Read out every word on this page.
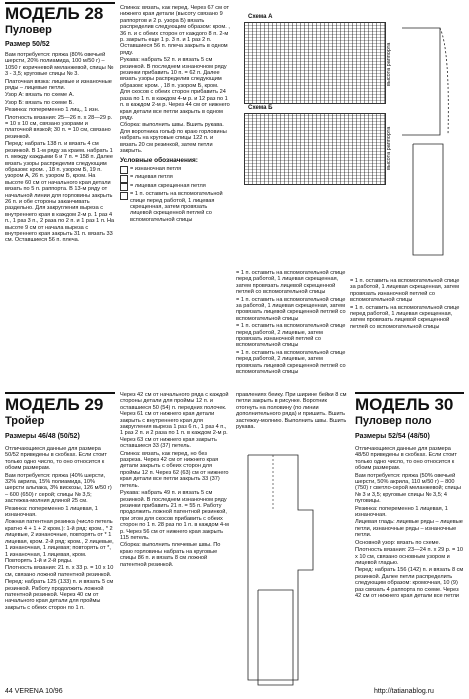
МОДЕЛЬ 28
Пуловер
Размер 50/52

Вам потребуется: пряжа (80% овечьей шерсти, 20% полиамида, 100 м/50 г) – 1050 г коричневой меланжевой, спицы № 3 - 3,5; круговые спицы № 3.

Платочная вязка: лицевые и изнаночные ряды – лицевые петли.

Узор А: вязать по схеме А.

Узор Б: вязать по схеме Б.

Резинка: попеременно 1 лиц., 1 изн.

Плотность вязания: 25—26 п. х 28—29 р. = 10 х 10 см, связано узорами и платочной вязкой; 30 п. = 10 см, связано резинкой.

Перед: набрать 138 п. и вязать 4 см резинкой. В 1-м ряду за краем. набрать 1 п. между каждыми 6 и 7 п. = 158 п. Далее вязать узоры распределив следующим образом: кром. , 18 п. узором Б, 19 п. узором А, 26 п. узором Б, кром. На высоте 60 см от начального края детали вязать по 5 п. раппорта. В 13-м ряду от начальной линии для горловины закрыть 26 п. и обе стороны заканчивать раздельно. Для закругления выреза с внутреннего края в каждом 2-м р. 1 раз 4 п., 1 раз 3 п., 2 раза по 2 п. и 1 раз 1 п. На высоте 9 см от начала выреза с внутреннего края закрыть 31 п. вязать 33 см. Оставшиеся 56 п. плеча.

Спинка: вязать, как перед. Через 67 см от нижнего края детали (высоту связано 9 раппортов и 2 р. узора Б) вязать распределив следующим образом: кром. , 36 п. и с обеих сторон от каждого 8 п. 2-м р. закрыть еще 1 р. 3 п. и 1 раз 2 п. Оставшиеся 56 п. плеча закрыть в одном ряду.

Рукава: набрать 52 п. и вязать 5 см резинкой. В последнем изнаночном ряду резинки прибавить 10 п. = 62 п. Далее вязать узоры распределив следующим образом: кром. , 18 п. узором Б, кром. Для скосов с обеих сторон прибавить 24 раза по 1 п. в каждом 4-м р. и 12 раз по 1 п. в каждом 2-м р. Через 44 см от нижнего края детали все петли закрыть в одном ряду.

Сборка: выполнить швы. Вшить рукава. Для воротника гольф по краю горловины набрать на круговые спицы 122 п. и вязать 20 см резинкой, затем петли закрыть.

Условные обозначения:

= изнаночная петля
= лицевая петля
= лицевая скрещенная петля
= 1 п. оставить на вспомогательной спице перед работой, 1 лицевая скрещенная, затем провязать лицевой скрещенной петлей со вспомогательной спицы
Схема А
высота раппорта
Схема Б
высота раппорта

= 1 п. оставить на вспомогательной спице перед работой, 1 лицевая скрещенная, затем провязать лицевой скрещенной петлей со вспомогательной спицы

= 1 п. оставить на вспомогательной спице за работой, 1 лицевая скрещенная, затем провязать лицевой скрещенной петлей со вспомогательной спицы

= 1 п. оставить на вспомогательной спице перед работой, 2 лицевые, затем провязать изнаночной петлей со вспомогательной спицы

= 1 п. оставить на вспомогательной спице перед работой, 2 лицевые, затем провязать лицевой скрещенной петлей со вспомогательной спицы

= 1 п. оставить на вспомогательной спице за работой, 1 лицевая скрещенная, затем провязать изнаночной петлей со вспомогательной спицы

= 1 п. оставить на вспомогательной спице перед работой, 1 лицевая скрещенная, затем провязать лицевой скрещенной петлей со вспомогательной спицы

МОДЕЛЬ 29
Тройер
Размеры 46/48 (50/52)

Отличающиеся данные для размера 50/52 приведены в скобках. Если стоит только одно число, то оно относится к обоим размерам.

Вам потребуется: пряжа (40% шерсти, 32% акрила, 15% полиамида, 10% шерсти альпака, 3% вискозы, 126 м/50 г) – 600 (650) г серой; спицы № 3,5; застежка-молния длиной 25 см.

Резинка: попеременно 1 лицевая, 1 изнаночная.

Ложная патентная резинка (число петель кратно 4 + 1 + 2 кром.): 1-й ряд: кром., * 2 лицевые, 2 изнаночные, повторять от * 1 лицевая, кром. 2-й ряд: кром., 2 лицевые, 1 изнаночная, 1 лицевая; повторять от *, 1 изнаночная, 1 лицевая, кром. Повторять 1-й и 2-й ряды.

Плотность вязания: 21 п. х 33 р. = 10 х 10 см, связано ложной патентной резинкой.

Перед: набрать 125 (133) п. и вязать 5 см резинкой. Работу продолжить ложной патентной резинкой. Через 40 см от начального края детали для проймы закрыть с обеих сторон по 1 п.

Через 42 см от начального ряда с каждой стороны детали для проймы 12 п. и оставшиеся 50 (54) п. передних полочек. Через 61 см от нижнего края детали закрыть с внутреннего края для закругления выреза 1 раз 6 п., 1 раз 4 п., 1 раз 2 п. и 2 раза по 1 п. в каждом 2-м р. Через 63 см от нижнего края закрыть оставшиеся 33 (37) петель.

Спинка: вязать, как перед, но без разреза. Через 42 см от нижнего края детали закрыть с обеих сторон для проймы 12 п. Через 62 (63) см от нижнего края детали все петли закрыть 33 (37) петель.

Рукава: набрать 49 п. и вязать 5 см резинкой. В последнем изнаночном ряду резинки прибавить 21 п. = 55 п. Работу продолжить ложной патентной резинкой, при этом для скосов прибавить с обеих сторон по 1 п. 28 раз по 1 п. в каждом 4-м р. Через 56 см от нижнего края закрыть 115 петель.

Сборка: выполнить плечевые швы. По краю горловины набрать на круговые спицы 86 п. и вязать 8 см ложной патентной резинкой.

правлениях беику. При ширине бейки 8 см петли закрыть в рисунке. Воротник отогнуть на половину (по линии дополнительного ряда) и пришить. Вшить застежку-молнию. Выполнить швы. Вшить рукава.

МОДЕЛЬ 30
Пуловер поло
Размеры 52/54 (48/50)

Отличающиеся данные для размера 48/50 приведены в скобках. Если стоит только одно число, то оно относится к обоим размерам.

Вам потребуется: пряжа (50% овечьей шерсти, 50% акрила, 110 м/50 г) – 800 (750) г светло-серой меланжевой; спицы № 3 и 3,5; круговые спицы № 3,5; 4 пуговицы.

Резинка: попеременно 1 лицевая, 1 изнаночная.

Лицевая гладь: лицевые ряды – лицевые петли, изнаночные ряды – изнаночные петли.

Основной узор: вязать по схеме.

Плотность вязания: 23—24 п. х 29 р. = 10 х 10 см, связано основным узором и лицевой гладью.

Перед: набрать 156 (142) п. и вязать 8 см резинкой. Далее петли распределить следующим образом: кромочная, 10 (9) раз связать 4 раппорта по схеме. Через 42 см от нижнего края детали все петли

44 VERENA 10/96	http://tatianablog.ru
